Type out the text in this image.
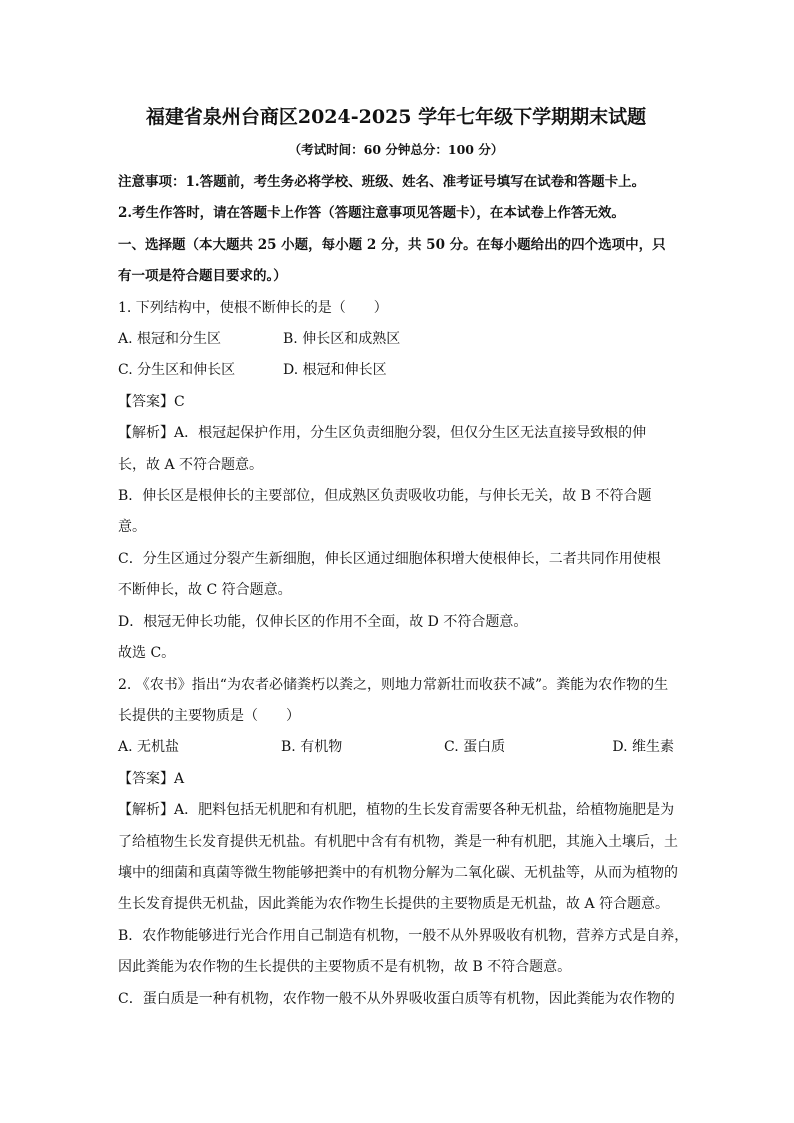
福建省泉州台商区2024-2025 学年七年级下学期期末试题
（考试时间：60 分钟总分：100 分）
注意事项：1.答题前，考生务必将学校、班级、姓名、准考证号填写在试卷和答题卡上。
2.考生作答时，请在答题卡上作答（答题注意事项见答题卡），在本试卷上作答无效。
一、选择题（本大题共 25 小题，每小题 2 分，共 50 分。在每小题给出的四个选项中，只
有一项是符合题目要求的。）
1. 下列结构中，使根不断伸长的是（　　）
A. 根冠和分生区	B. 伸长区和成熟区
C. 分生区和伸长区	D. 根冠和伸长区
【答案】C
【解析】A．根冠起保护作用，分生区负责细胞分裂，但仅分生区无法直接导致根的伸
长，故 A 不符合题意。
B．伸长区是根伸长的主要部位，但成熟区负责吸收功能，与伸长无关，故 B 不符合题
意。
C．分生区通过分裂产生新细胞，伸长区通过细胞体积增大使根伸长，二者共同作用使根
不断伸长，故 C 符合题意。
D．根冠无伸长功能，仅伸长区的作用不全面，故 D 不符合题意。
故选 C。
2. 《农书》指出“为农者必储粪朽以粪之，则地力常新壮而收获不减”。粪能为农作物的生
长提供的主要物质是（　　）
A. 无机盐	B. 有机物	C. 蛋白质	D. 维生素
【答案】A
【解析】A．肥料包括无机肥和有机肥，植物的生长发育需要各种无机盐，给植物施肥是为
了给植物生长发育提供无机盐。有机肥中含有有机物，粪是一种有机肥，其施入土壤后，土
壤中的细菌和真菌等微生物能够把粪中的有机物分解为二氧化碳、无机盐等，从而为植物的
生长发育提供无机盐，因此粪能为农作物生长提供的主要物质是无机盐，故 A 符合题意。
B．农作物能够进行光合作用自己制造有机物，一般不从外界吸收有机物，营养方式是自养，
因此粪能为农作物的生长提供的主要物质不是有机物，故 B 不符合题意。
C．蛋白质是一种有机物，农作物一般不从外界吸收蛋白质等有机物，因此粪能为农作物的
